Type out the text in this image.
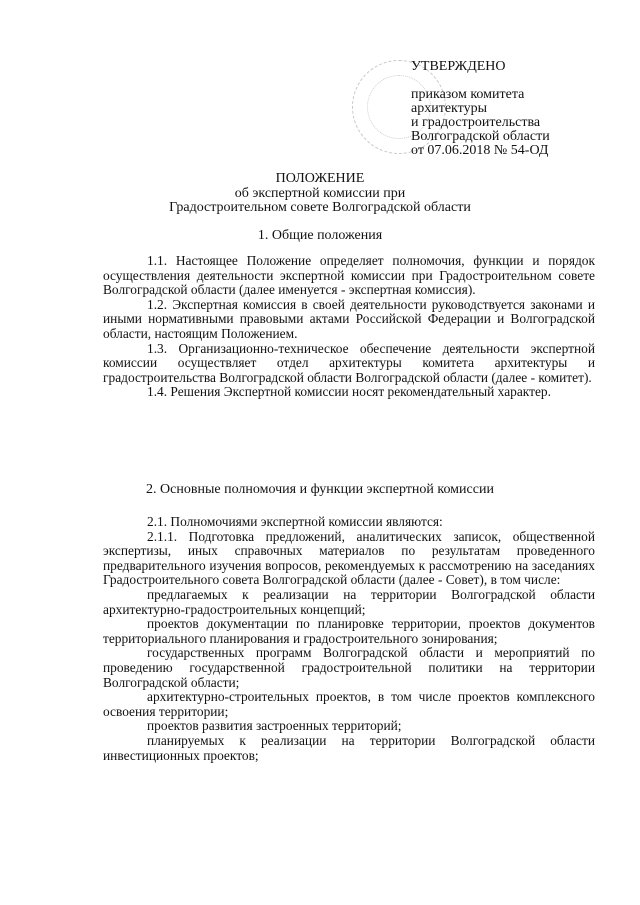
УТВЕРЖДЕНО
приказом комитета
архитектуры
и градостроительства
Волгоградской области
от 07.06.2018 № 54-ОД
ПОЛОЖЕНИЕ
об экспертной комиссии при
Градостроительном совете Волгоградской области
1. Общие положения

1.1. Настоящее Положение определяет полномочия, функции и порядок осуществления деятельности экспертной комиссии при Градостроительном совете Волгоградской области (далее именуется - экспертная комиссия).

1.2. Экспертная комиссия в своей деятельности руководствуется законами и иными нормативными правовыми актами Российской Федерации и Волгоградской области, настоящим Положением.

1.3. Организационно-техническое обеспечение деятельности экспертной комиссии осуществляет отдел архитектуры комитета архитектуры и градостроительства Волгоградской области Волгоградской области (далее - комитет).

1.4. Решения Экспертной комиссии носят рекомендательный характер.

2. Основные полномочия и функции экспертной комиссии

2.1. Полномочиями экспертной комиссии являются:

2.1.1. Подготовка предложений, аналитических записок, общественной экспертизы, иных справочных материалов по результатам проведенного предварительного изучения вопросов, рекомендуемых к рассмотрению на заседаниях Градостроительного совета Волгоградской области (далее - Совет), в том числе:

предлагаемых к реализации на территории Волгоградской области архитектурно-градостроительных концепций;

проектов документации по планировке территории, проектов документов территориального планирования и градостроительного зонирования;

государственных программ Волгоградской области и мероприятий по проведению государственной градостроительной политики на территории Волгоградской области;

архитектурно-строительных проектов, в том числе проектов комплексного освоения территории;

проектов развития застроенных территорий;

планируемых к реализации на территории Волгоградской области инвестиционных проектов;
